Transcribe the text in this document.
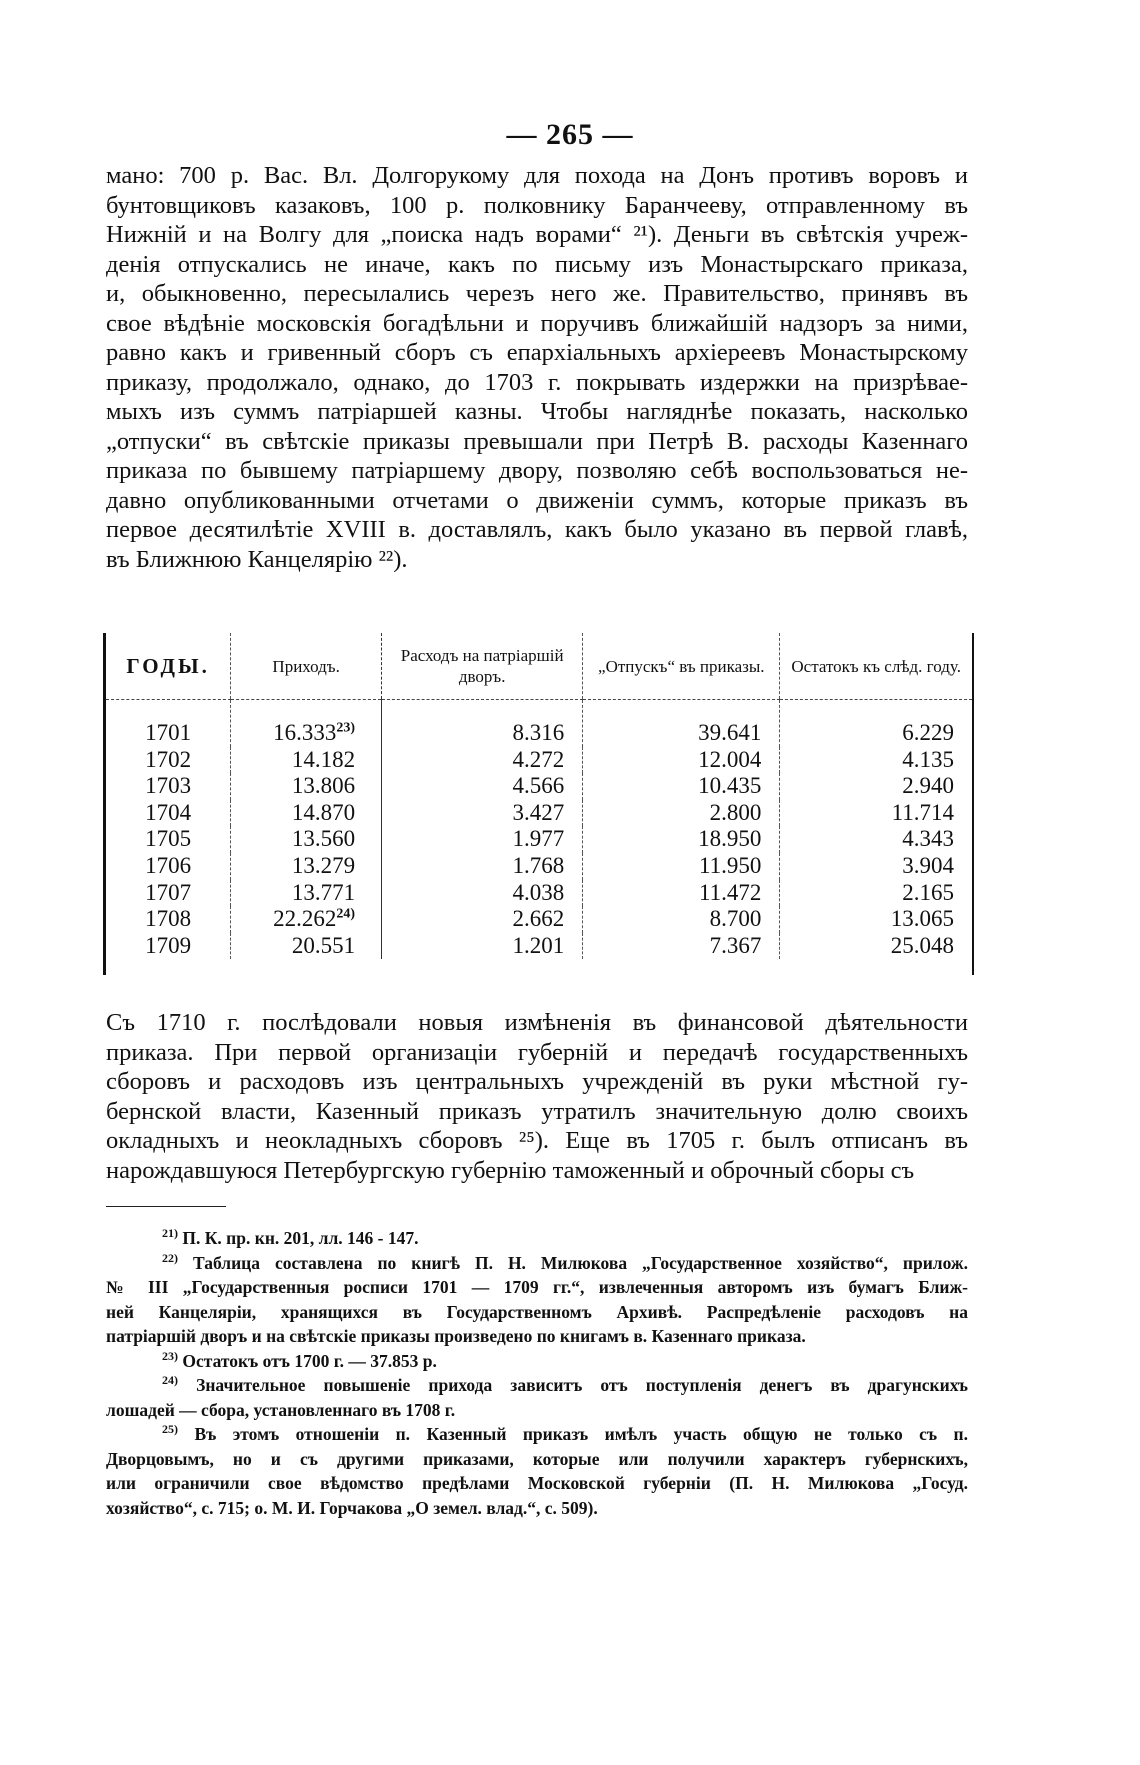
— 265 —
мано: 700 р. Вас. Вл. Долгорукому для похода на Донъ противъ воровъ и
бунтовщиковъ казаковъ, 100 р. полковнику Баранчееву, отправленному въ
Нижній и на Волгу для „поиска надъ ворами“ ²¹). Деньги въ свѣтскія учреж-
денія отпускались не иначе, какъ по письму изъ Монастырскаго приказа,
и, обыкновенно, пересылались черезъ него же. Правительство, принявъ въ
свое вѣдѣніе московскія богадѣльни и поручивъ ближайшій надзоръ за ними,
равно какъ и гривенный сборъ съ епархіальныхъ архіереевъ Монастырскому
приказу, продолжало, однако, до 1703 г. покрывать издержки на призрѣвае-
мыхъ изъ суммъ патріаршей казны. Чтобы нагляднѣе показать, насколько
„отпуски“ въ свѣтскіе приказы превышали при Петрѣ В. расходы Казеннаго
приказа по бывшему патріаршему двору, позволяю себѣ воспользоваться не-
давно опубликованными отчетами о движеніи суммъ, которые приказъ въ
первое десятилѣтіе XVIII в. доставлялъ, какъ было указано въ первой главѣ,
въ Ближнюю Канцелярію ²²).
ГОДЫ.	Приходъ.	Расходъ на патріаршій дворъ.	„Отпускъ“ въ приказы.	Остатокъ къ слѣд. году.
1701	16.333$^{23)}$	8.316	39.641	6.229
1702	14.182	4.272	12.004	4.135
1703	13.806	4.566	10.435	2.940
1704	14.870	3.427	2.800	11.714
1705	13.560	1.977	18.950	4.343
1706	13.279	1.768	11.950	3.904
1707	13.771	4.038	11.472	2.165
1708	22.262$^{24)}$	2.662	8.700	13.065
1709	20.551	1.201	7.367	25.048
Съ 1710 г. послѣдовали новыя измѣненія въ финансовой дѣятельности
приказа. При первой организаціи губерній и передачѣ государственныхъ
сборовъ и расходовъ изъ центральныхъ учрежденій въ руки мѣстной гу-
бернской власти, Казенный приказъ утратилъ значительную долю своихъ
окладныхъ и неокладныхъ сборовъ ²⁵). Еще въ 1705 г. былъ отписанъ въ
нарождавшуюся Петербургскую губернію таможенный и оброчный сборы съ
$^{21)}$ П. К. пр. кн. 201, лл. 146 - 147.
$^{22)}$ Таблица составлена по книгѣ П. Н. Милюкова „Государственное хозяйство“, прилож.
№ III „Государственныя росписи 1701 — 1709 гг.“, извлеченныя авторомъ изъ бумагъ Ближ-
ней Канцеляріи, хранящихся въ Государственномъ Архивѣ. Распредѣленіе расходовъ на
патріаршій дворъ и на свѣтскіе приказы произведено по книгамъ в. Казеннаго приказа.
$^{23)}$ Остатокъ отъ 1700 г. — 37.853 р.
$^{24)}$ Значительное повышеніе прихода зависитъ отъ поступленія денегъ въ драгунскихъ
лошадей — сбора, установленнаго въ 1708 г.
$^{25)}$ Въ этомъ отношеніи п. Казенный приказъ имѣлъ участь общую не только съ п.
Дворцовымъ, но и съ другими приказами, которые или получили характеръ губернскихъ,
или ограничили свое вѣдомство предѣлами Московской губерніи (П. Н. Милюкова „Госуд.
хозяйство“, с. 715; о. М. И. Горчакова „О земел. влад.“, с. 509).
